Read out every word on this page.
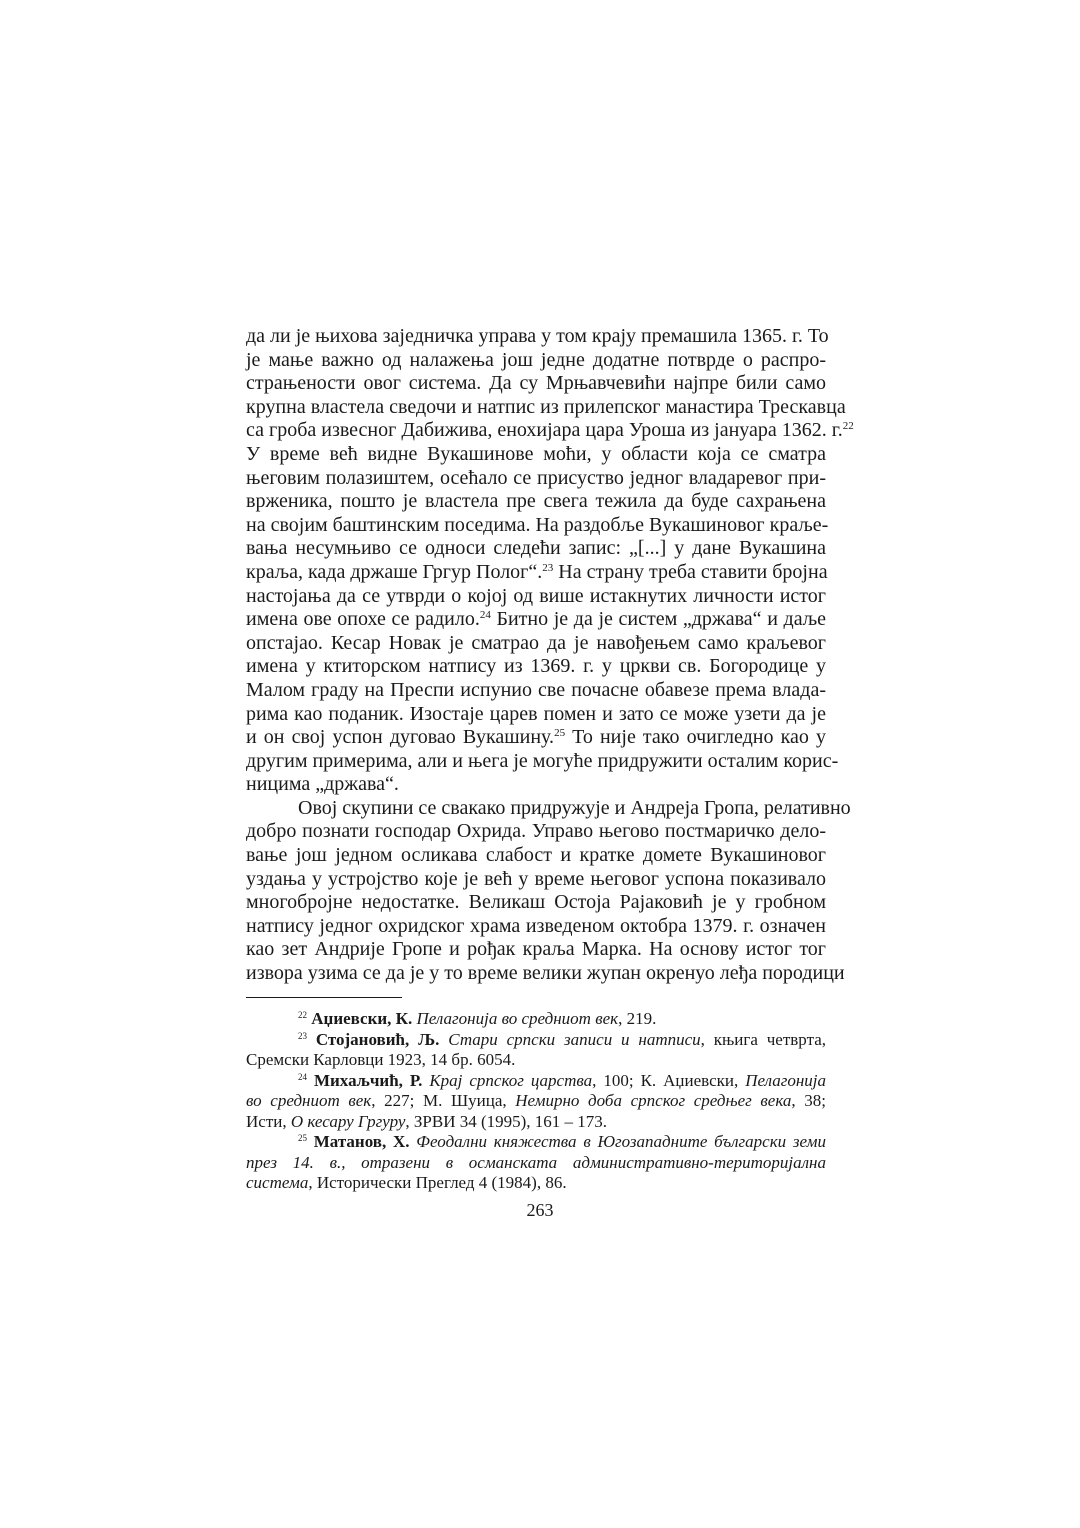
да ли је њихова заједничка управа у том крају премашила 1365. г. То
је мање важно од налажења још једне додатне потврде о распро-
страњености овог система. Да су Мрњавчевићи најпре били само
крупна властела сведочи и натпис из прилепског манастира Трескавца
са гроба извесног Дабижива, енохијара цара Уроша из јануара 1362. г.$^{22}$
У време већ видне Вукашинове моћи, у области која се сматра
његовим полазиштем, осећало се присуство једног владаревог при-
врженика, пошто је властела пре свега тежила да буде сахрањена
на својим баштинским поседима. На раздобље Вукашиновог краље-
вања несумњиво се односи следећи запис: „[...] у дане Вукашина
краља, када држаше Гргур Полог“.$^{23}$ На страну треба ставити бројна
настојања да се утврди о којој од више истакнутих личности истог
имена ове опохе се радило.$^{24}$ Битно је да је систем „држава“ и даље
опстајао. Кесар Новак је сматрао да је навођењем само краљевог
имена у ктиторском натпису из 1369. г. у цркви св. Богородице у
Малом граду на Преспи испунио све почасне обавезе према влада-
рима као поданик. Изостаје царев помен и зато се може узети да је
и он свој успон дуговао Вукашину.$^{25}$ То није тако очигледно као у
другим примерима, али и њега је могуће придружити осталим корис-
ницима „држава“.
Овој скупини се свакако придружује и Андреја Гропа, релативно
добро познати господар Охрида. Управо његово постмаричко дело-
вање још једном осликава слабост и кратке домете Вукашиновог
уздања у устројство које је већ у време његовог успона показивало
многобројне недостатке. Великаш Остоја Рајаковић је у гробном
натпису једног охридског храма изведеном октобра 1379. г. означен
као зет Андрије Гропе и рођак краља Марка. На основу истог тог
извора узима се да је у то време велики жупан окренуо леђа породици
$^{22}$ Аџиевски, К. Пелагонија во средниот век, 219.
$^{23}$ Стојановић, Љ. Стари српски записи и натписи, књига четврта,
Сремски Карловци 1923, 14 бр. 6054.
$^{24}$ Михаљчић, Р. Крај српског царства, 100; К. Аџиевски, Пелагонија
во средниот век, 227; М. Шуица, Немирно доба српског средњег века, 38;
Исти, О кесару Гргуру, ЗРВИ 34 (1995), 161 – 173.
$^{25}$ Матанов, Х. Феодални княжества в Югозападните български земи
през 14. в., отразени в османската административно-териториjална
система, Исторически Преглед 4 (1984), 86.
263
